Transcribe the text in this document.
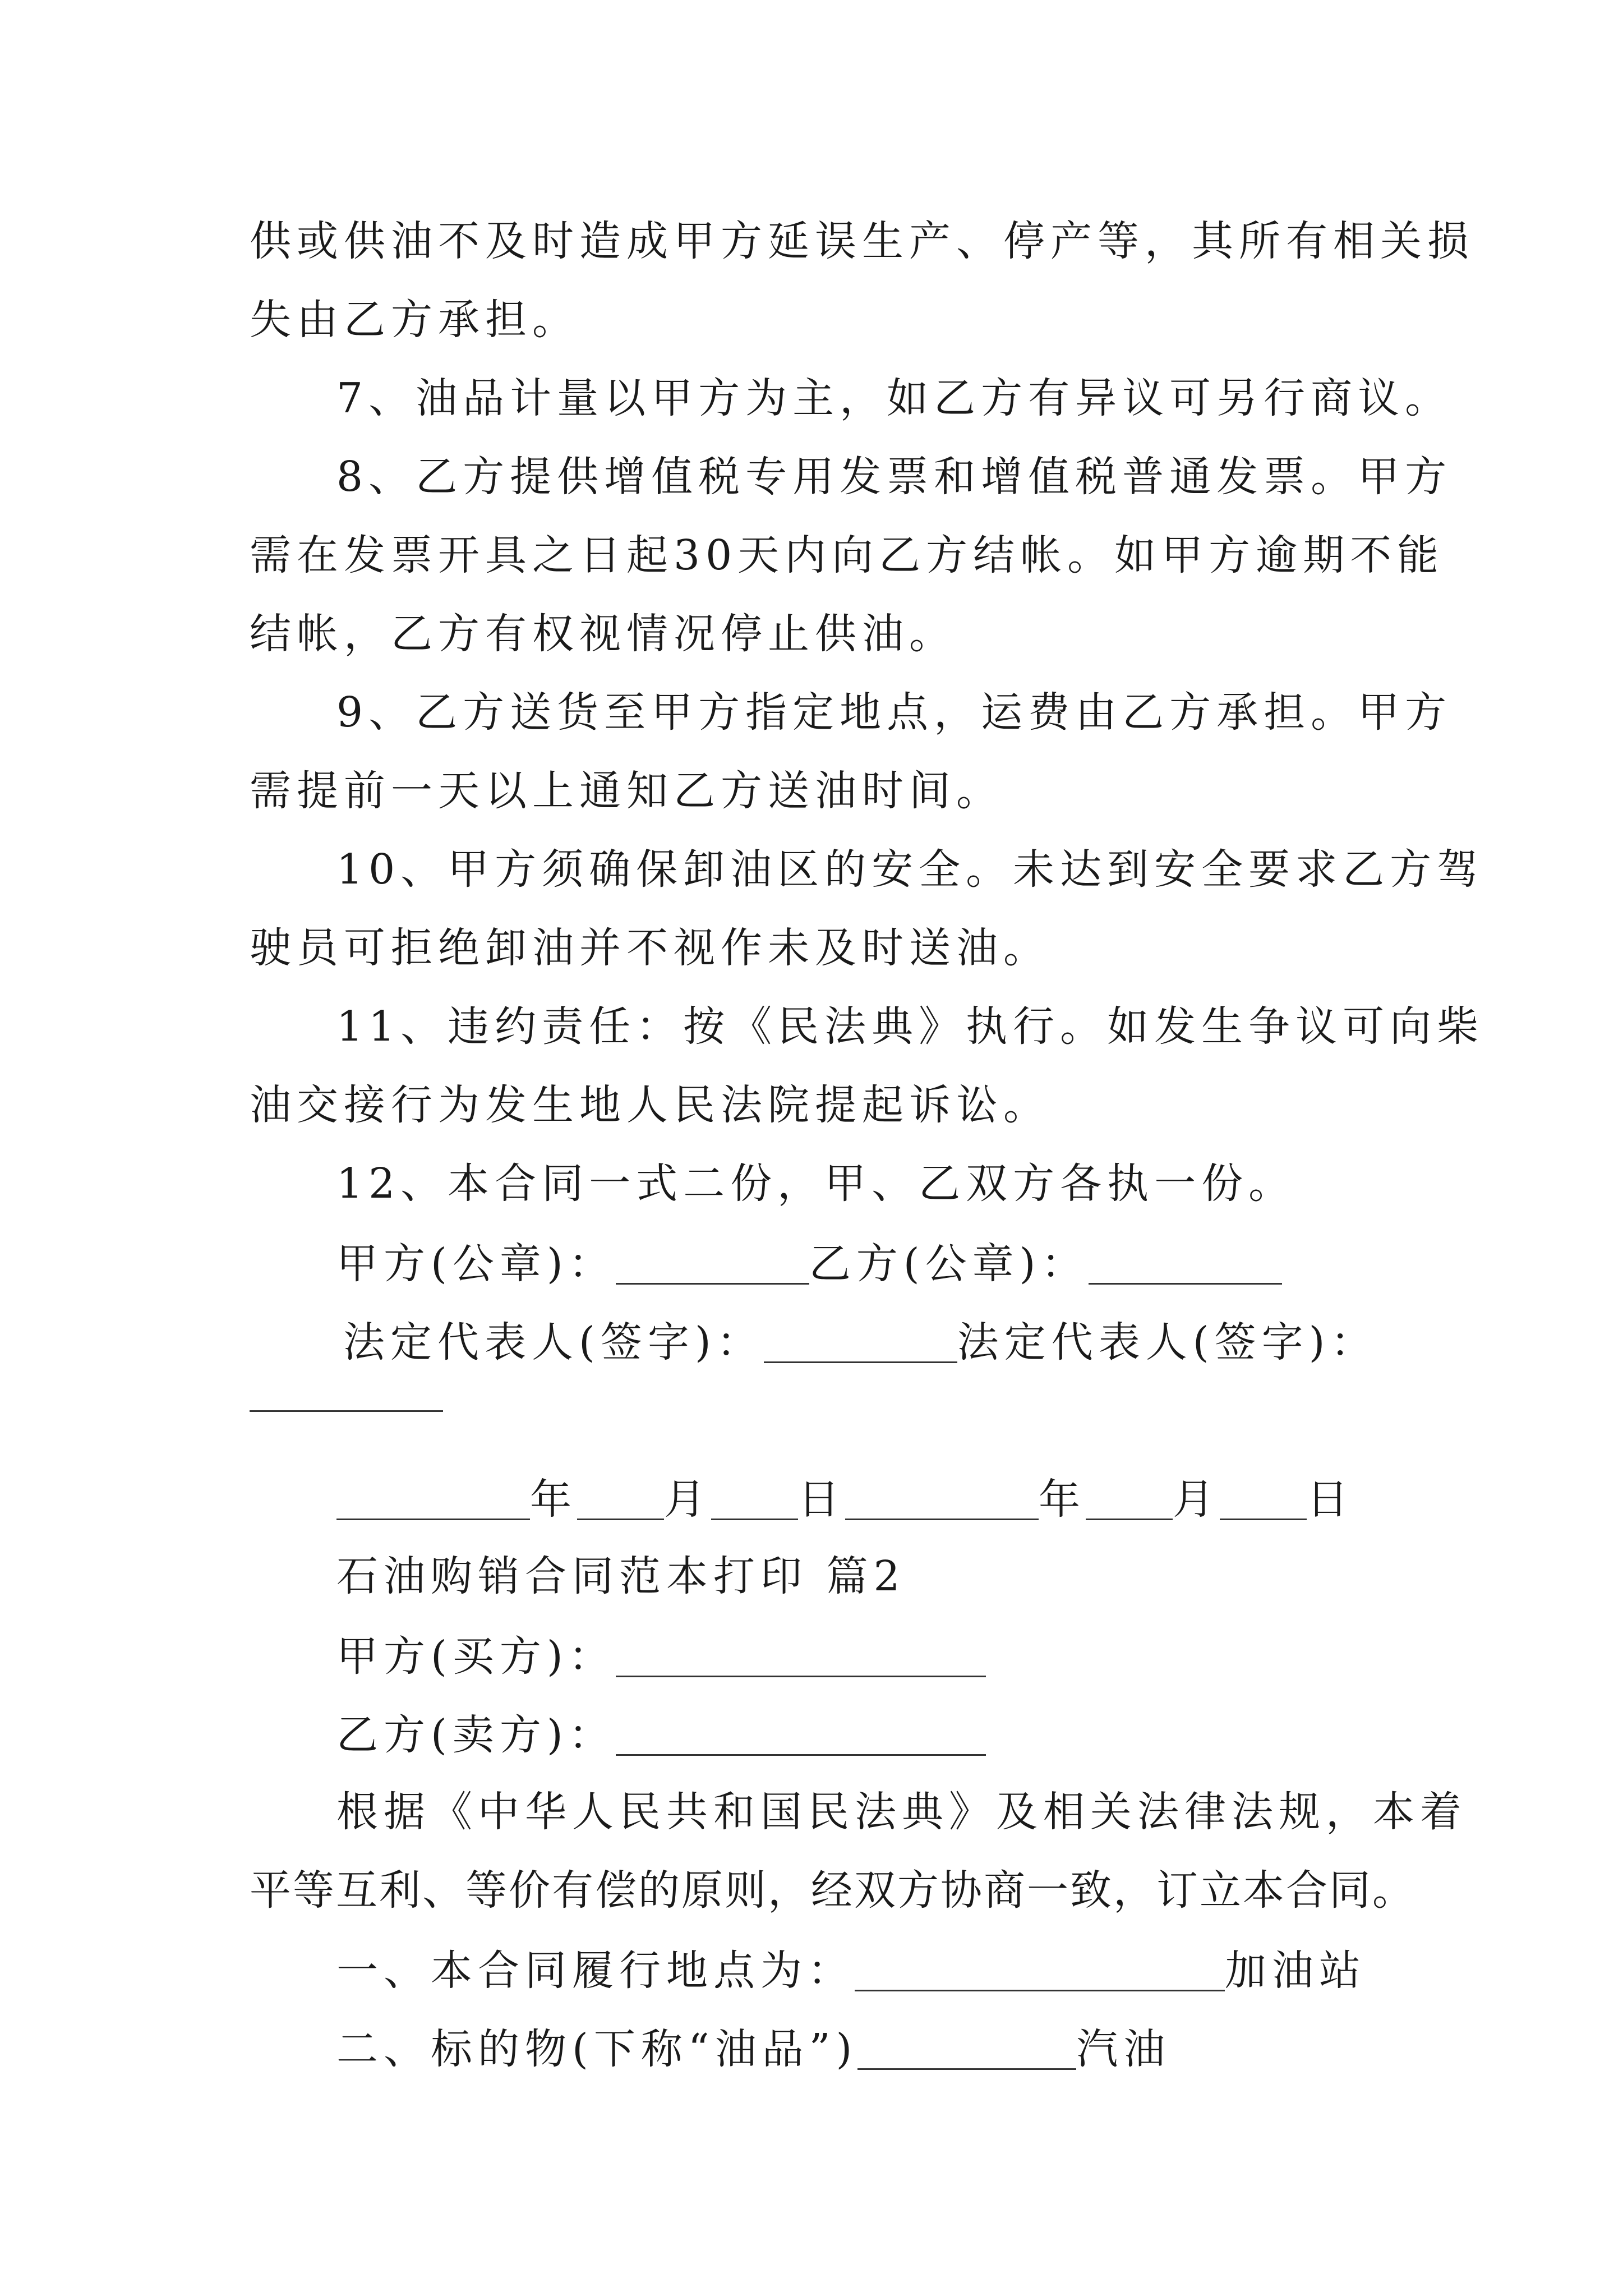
供或供油不及时造成甲方延误生产、停产等，其所有相关损
失由乙方承担。
7、油品计量以甲方为主，如乙方有异议可另行商议。
8、乙方提供增值税专用发票和增值税普通发票。甲方
需在发票开具之日起30天内向乙方结帐。如甲方逾期不能
结帐，乙方有权视情况停止供油。
9、乙方送货至甲方指定地点，运费由乙方承担。甲方
需提前一天以上通知乙方送油时间。
10、甲方须确保卸油区的安全。未达到安全要求乙方驾
驶员可拒绝卸油并不视作未及时送油。
11、违约责任：按《民法典》执行。如发生争议可向柴
油交接行为发生地人民法院提起诉讼。
12、本合同一式二份，甲、乙双方各执一份。
甲方(公章)：	乙方(公章)：
法定代表人(签字)：	法定代表人(签字)：
年 月 日	年 月 日
石油购销合同范本打印 篇2
甲方(买方)：
乙方(卖方)：
根据《中华人民共和国民法典》及相关法律法规，本着
平等互利、等价有偿的原则，经双方协商一致，订立本合同。
一、本合同履行地点为：	加油站
二、标的物(下称“油品”)	汽油
